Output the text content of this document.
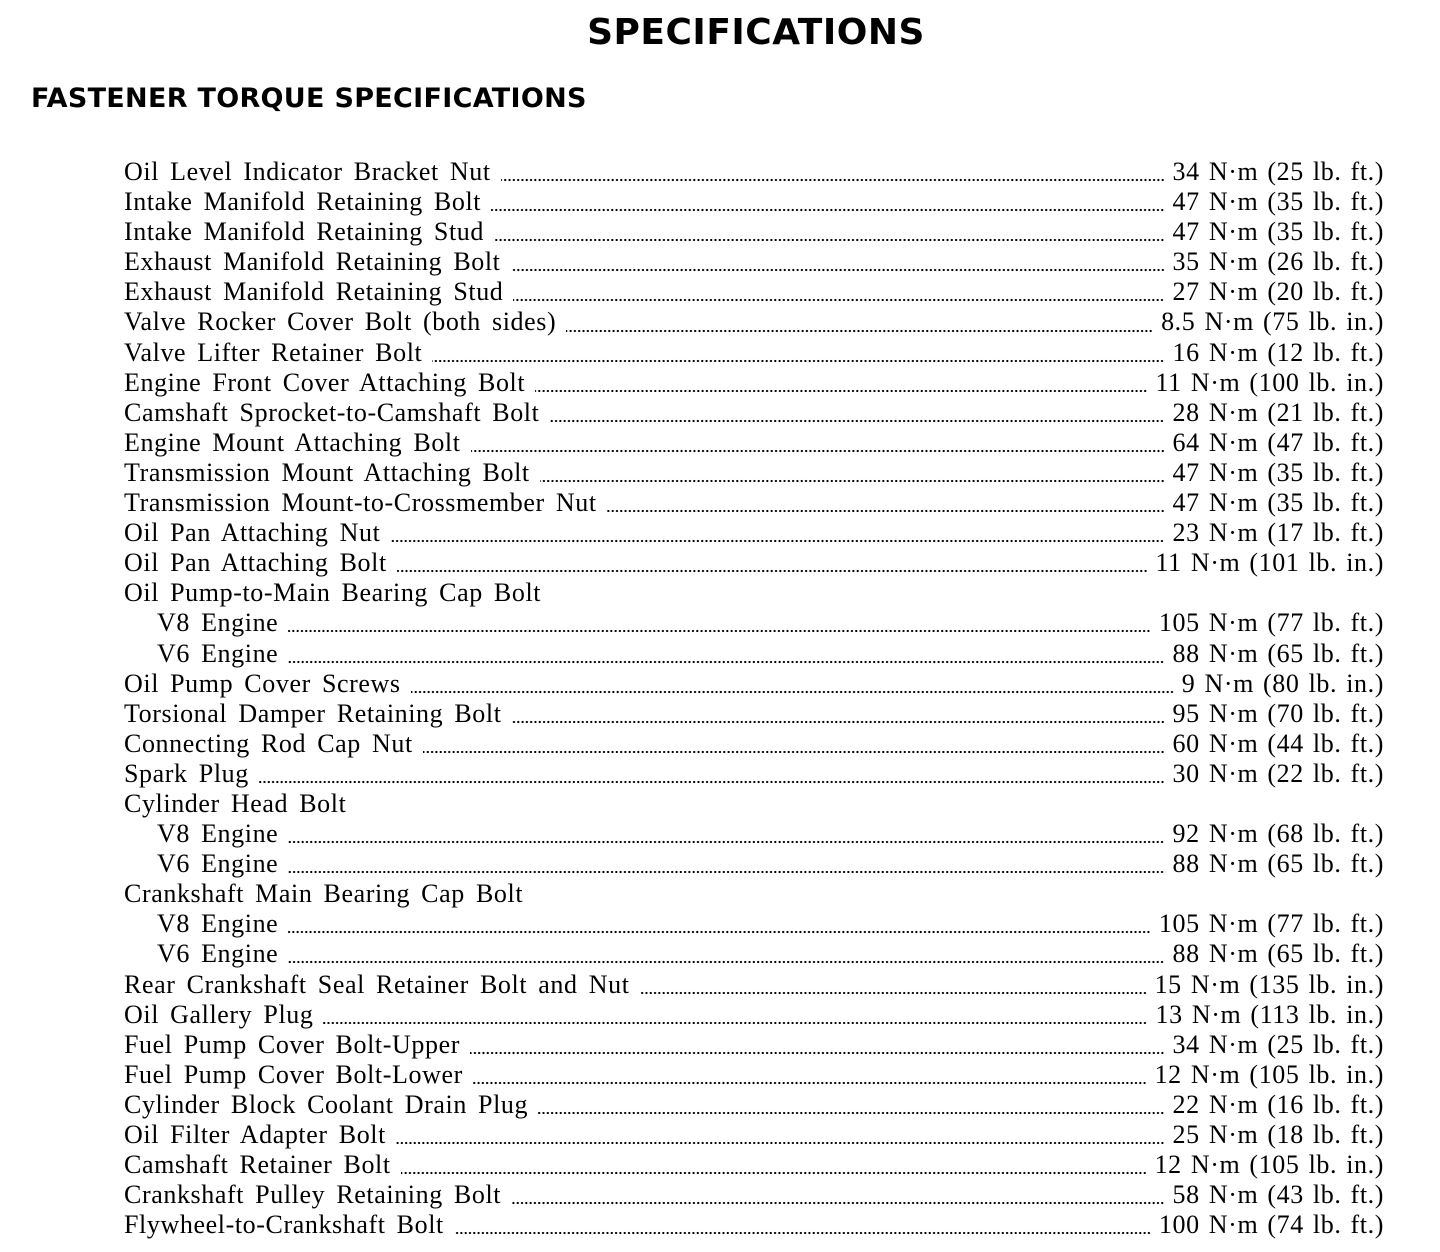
SPECIFICATIONS
FASTENER TORQUE SPECIFICATIONS
Oil Level Indicator Bracket Nut	34 N·m (25 lb. ft.)
Intake Manifold Retaining Bolt	47 N·m (35 lb. ft.)
Intake Manifold Retaining Stud	47 N·m (35 lb. ft.)
Exhaust Manifold Retaining Bolt	35 N·m (26 lb. ft.)
Exhaust Manifold Retaining Stud	27 N·m (20 lb. ft.)
Valve Rocker Cover Bolt (both sides)	8.5 N·m (75 lb. in.)
Valve Lifter Retainer Bolt	16 N·m (12 lb. ft.)
Engine Front Cover Attaching Bolt	11 N·m (100 lb. in.)
Camshaft Sprocket-to-Camshaft Bolt	28 N·m (21 lb. ft.)
Engine Mount Attaching Bolt	64 N·m (47 lb. ft.)
Transmission Mount Attaching Bolt	47 N·m (35 lb. ft.)
Transmission Mount-to-Crossmember Nut	47 N·m (35 lb. ft.)
Oil Pan Attaching Nut	23 N·m (17 lb. ft.)
Oil Pan Attaching Bolt	11 N·m (101 lb. in.)
Oil Pump-to-Main Bearing Cap Bolt
V8 Engine	105 N·m (77 lb. ft.)
V6 Engine	88 N·m (65 lb. ft.)
Oil Pump Cover Screws	9 N·m (80 lb. in.)
Torsional Damper Retaining Bolt	95 N·m (70 lb. ft.)
Connecting Rod Cap Nut	60 N·m (44 lb. ft.)
Spark Plug	30 N·m (22 lb. ft.)
Cylinder Head Bolt
V8 Engine	92 N·m (68 lb. ft.)
V6 Engine	88 N·m (65 lb. ft.)
Crankshaft Main Bearing Cap Bolt
V8 Engine	105 N·m (77 lb. ft.)
V6 Engine	88 N·m (65 lb. ft.)
Rear Crankshaft Seal Retainer Bolt and Nut	15 N·m (135 lb. in.)
Oil Gallery Plug	13 N·m (113 lb. in.)
Fuel Pump Cover Bolt-Upper	34 N·m (25 lb. ft.)
Fuel Pump Cover Bolt-Lower	12 N·m (105 lb. in.)
Cylinder Block Coolant Drain Plug	22 N·m (16 lb. ft.)
Oil Filter Adapter Bolt	25 N·m (18 lb. ft.)
Camshaft Retainer Bolt	12 N·m (105 lb. in.)
Crankshaft Pulley Retaining Bolt	58 N·m (43 lb. ft.)
Flywheel-to-Crankshaft Bolt	100 N·m (74 lb. ft.)
